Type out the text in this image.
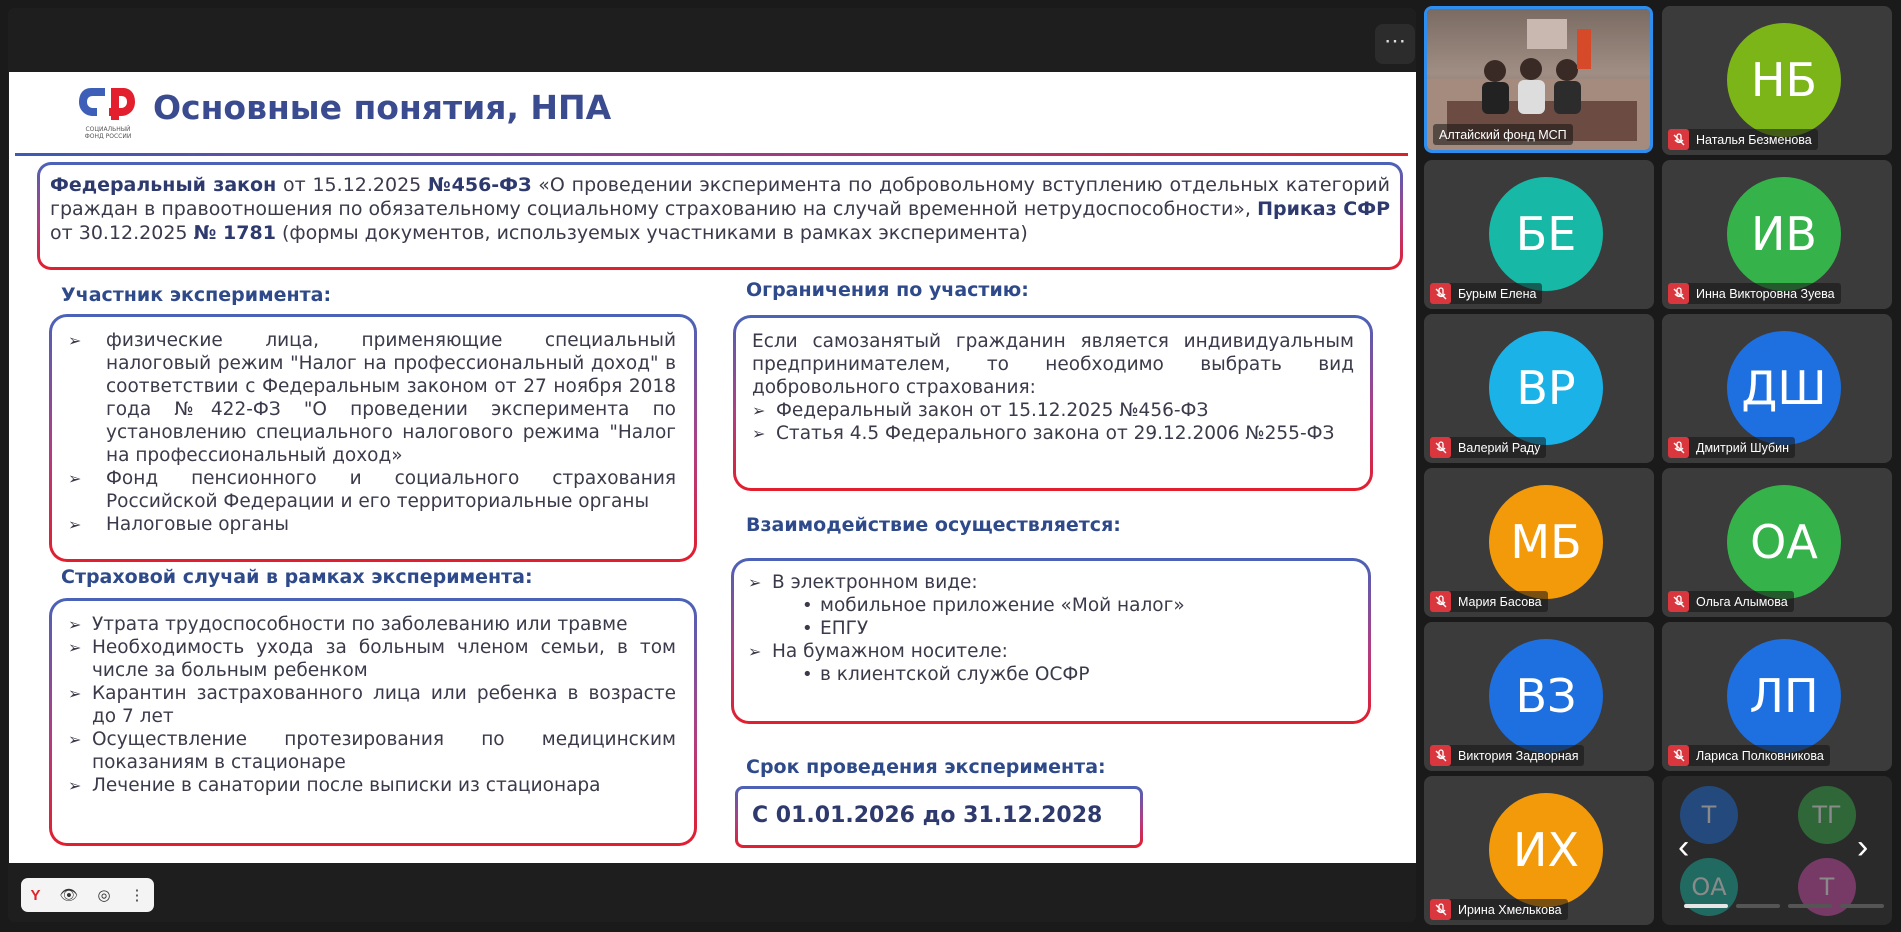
⋯
СОЦИАЛЬНЫЙ ФОНД РОССИИ
Основные понятия, НПА
Федеральный закон от 15.12.2025 №456-ФЗ «О проведении эксперимента по добровольному вступлению отдельных категорий граждан в правоотношения по обязательному социальному страхованию на случай временной нетрудоспособности», Приказ СФР от 30.12.2025 № 1781 (формы документов, используемых участниками в рамках эксперимента)
Участник эксперимента:
➢ физические лица, применяющие специальный налоговый режим "Налог на профессиональный доход" в соответствии с Федеральным законом от 27 ноября 2018 года №422-ФЗ "О проведении эксперимента по установлению специального налогового режима "Налог на профессиональный доход»
➢ Фонд пенсионного и социального страхования Российской Федерации и его территориальные органы
➢ Налоговые органы
Страховой случай в рамках эксперимента:
➢ Утрата трудоспособности по заболеванию или травме
➢ Необходимость ухода за больным членом семьи, в том числе за больным ребенком
➢ Карантин застрахованного лица или ребенка в возрасте до 7 лет
➢ Осуществление протезирования по медицинским показаниям в стационаре
➢ Лечение в санатории после выписки из стационара
Ограничения по участию:
Если самозанятый гражданин является индивидуальным предпринимателем, то необходимо выбрать вид добровольного страхования:
➢ Федеральный закон от 15.12.2025 №456-ФЗ
➢ Статья 4.5 Федерального закона от 29.12.2006 №255-ФЗ
Взаимодействие осуществляется:
➢ В электронном виде:
• мобильное приложение «Мой налог»
• ЕПГУ
➢ На бумажном носителе:
• в клиентской службе ОСФР
Срок проведения эксперимента:
С 01.01.2026 до 31.12.2028
Алтайский фонд МСП
НБ
Наталья Безменова
БЕ
Бурым Елена
ИВ
Инна Викторовна Зуева
ВР
Валерий Раду
ДШ
Дмитрий Шубин
МБ
Мария Басова
ОА
Ольга Алымова
ВЗ
Виктория Задворная
ЛП
Лариса Полковникова
ИХ
Ирина Хмелькова
Т	ТГ
ОА	Т
‹	›
Y 👁 ◎ ⋮
